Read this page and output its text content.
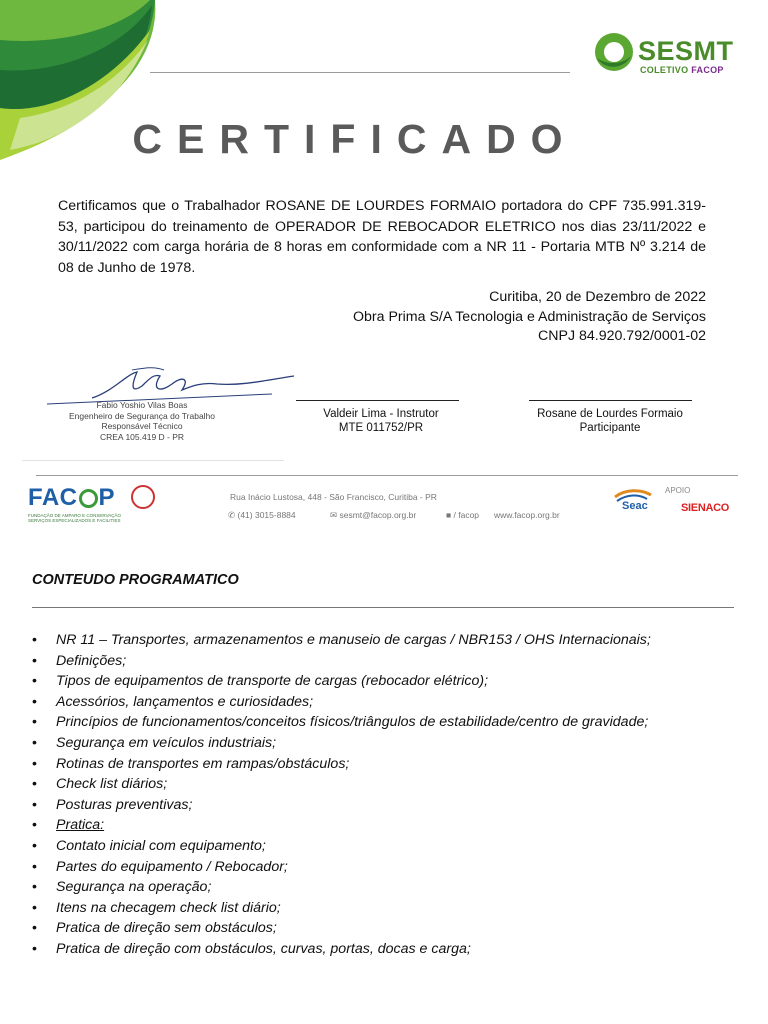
SESMT
COLETIVO FACOP
CERTIFICADO
Certificamos que o Trabalhador ROSANE DE LOURDES FORMAIO portadora do CPF 735.991.319-53, participou do treinamento de OPERADOR DE REBOCADOR ELETRICO nos dias 23/11/2022 e 30/11/2022 com carga horária de 8 horas em conformidade com a NR 11 - Portaria MTB Nº 3.214 de 08 de Junho de 1978.
Curitiba, 20 de Dezembro de 2022
Obra Prima S/A Tecnologia e Administração de Serviços
CNPJ 84.920.792/0001-02
Fabio Yoshio Vilas Boas
Engenheiro de Segurança do Trabalho
Responsável Técnico
CREA 105.419 D - PR
Valdeir Lima - Instrutor
MTE 011752/PR
Rosane de Lourdes Formaio
Participante
FAC P
FUNDAÇÃO DE AMPARO E CONSERVAÇÃO SERVIÇOS ESPECIALIZADOS E FACILITIES
Rua Inácio Lustosa, 448 - São Francisco, Curitiba - PR
✆ (41) 3015-8884	✉ sesmt@facop.org.br	■ / facop www.facop.org.br
Seac
APOIO
SIENACO
CONTEUDO PROGRAMATICO
• NR 11 – Transportes, armazenamentos e manuseio de cargas / NBR153 / OHS Internacionais;
• Definições;
• Tipos de equipamentos de transporte de cargas (rebocador elétrico);
• Acessórios, lançamentos e curiosidades;
• Princípios de funcionamentos/conceitos físicos/triângulos de estabilidade/centro de gravidade;
• Segurança em veículos industriais;
• Rotinas de transportes em rampas/obstáculos;
• Check list diários;
• Posturas preventivas;
• Pratica:
• Contato inicial com equipamento;
• Partes do equipamento / Rebocador;
• Segurança na operação;
• Itens na checagem check list diário;
• Pratica de direção sem obstáculos;
• Pratica de direção com obstáculos, curvas, portas, docas e carga;
